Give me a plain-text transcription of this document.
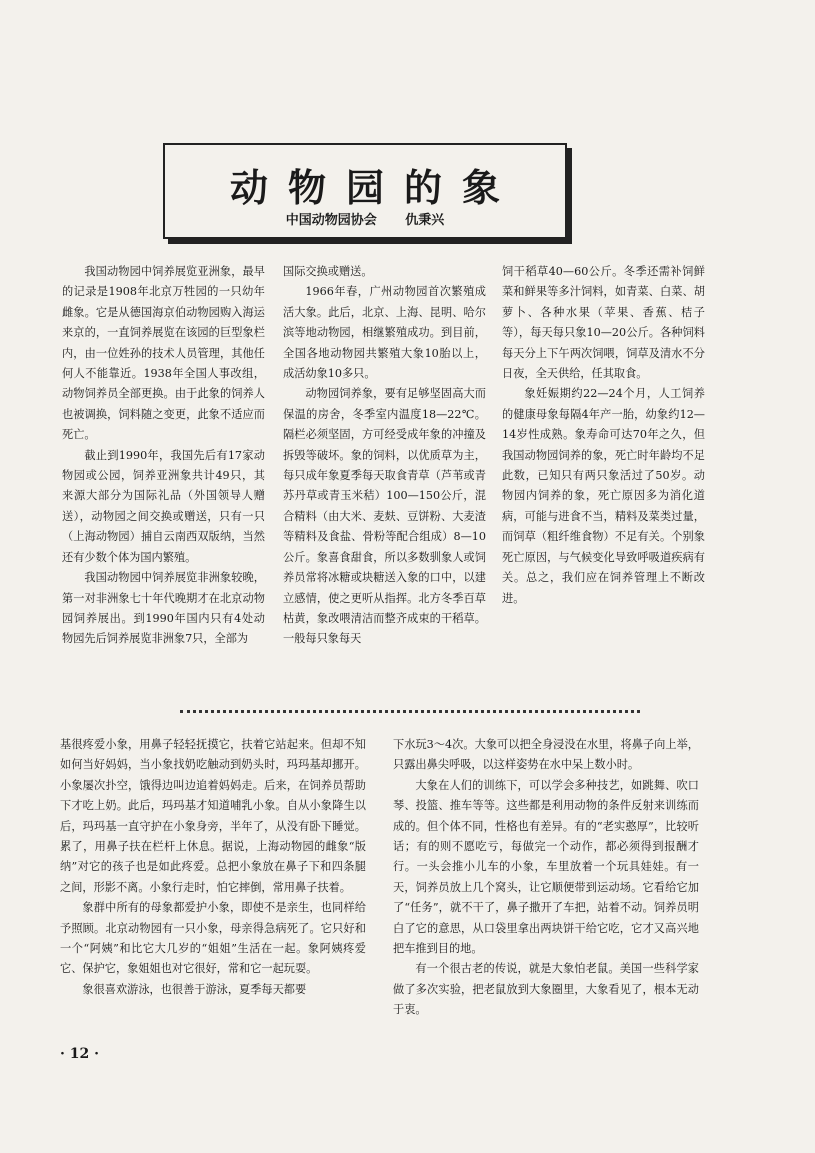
动物园的象
中国动物园协会 仇秉兴

我国动物园中饲养展览亚洲象，最早的记录是1908年北京万牲园的一只幼年雌象。它是从德国海京伯动物园购入海运来京的，一直饲养展览在该园的巨型象栏内，由一位姓孙的技术人员管理，其他任何人不能靠近。1938年全国人事改组，动物饲养员全部更换。由于此象的饲养人也被调换，饲料随之变更，此象不适应而死亡。

截止到1990年，我国先后有17家动物园或公园，饲养亚洲象共计49只，其来源大部分为国际礼品（外国领导人赠送），动物园之间交换或赠送，只有一只（上海动物园）捕自云南西双版纳，当然还有少数个体为国内繁殖。

我国动物园中饲养展览非洲象较晚，第一对非洲象七十年代晚期才在北京动物园饲养展出。到1990年国内只有4处动物园先后饲养展览非洲象7只，全部为

国际交换或赠送。

1966年春，广州动物园首次繁殖成活大象。此后，北京、上海、昆明、哈尔滨等地动物园，相继繁殖成功。到目前，全国各地动物园共繁殖大象10胎以上，成活幼象10多只。

动物园饲养象，要有足够坚固高大而保温的房舍，冬季室内温度18—22℃。隔栏必须坚固，方可经受成年象的冲撞及拆毁等破坏。象的饲料，以优质草为主，每只成年象夏季每天取食青草（芦苇或青苏丹草或青玉米秸）100—150公斤，混合精料（由大米、麦麸、豆饼粉、大麦渣等精料及食盐、骨粉等配合组成）8—10公斤。象喜食甜食，所以多数驯象人或饲养员常将冰糖或块糖送入象的口中，以建立感情，使之更听从指挥。北方冬季百草枯黄，象改喂清洁而整齐成束的干稻草。一般每只象每天

饲干稻草40—60公斤。冬季还需补饲鲜菜和鲜果等多汁饲料，如青菜、白菜、胡萝卜、各种水果（苹果、香蕉、桔子等），每天每只象10—20公斤。各种饲料每天分上下午两次饲喂，饲草及清水不分日夜，全天供给，任其取食。

象妊娠期约22—24个月，人工饲养的健康母象每隔4年产一胎，幼象约12—14岁性成熟。象寿命可达70年之久，但我国动物园饲养的象，死亡时年龄均不足此数，已知只有两只象活过了50岁。动物园内饲养的象，死亡原因多为消化道病，可能与进食不当，精料及菜类过量，而饲草（粗纤维食物）不足有关。个别象死亡原因，与气候变化导致呼吸道疾病有关。总之，我们应在饲养管理上不断改进。

基很疼爱小象，用鼻子轻轻抚摸它，扶着它站起来。但却不知如何当好妈妈，当小象找奶吃触动到奶头时，玛玛基却挪开。小象屡次扑空，饿得边叫边追着妈妈走。后来，在饲养员帮助下才吃上奶。此后，玛玛基才知道哺乳小象。自从小象降生以后，玛玛基一直守护在小象身旁，半年了，从没有卧下睡觉。累了，用鼻子扶在栏杆上休息。据说，上海动物园的雌象“版纳”对它的孩子也是如此疼爱。总把小象放在鼻子下和四条腿之间，形影不离。小象行走时，怕它摔倒，常用鼻子扶着。

象群中所有的母象都爱护小象，即使不是亲生，也同样给予照顾。北京动物园有一只小象，母亲得急病死了。它只好和一个“阿姨”和比它大几岁的“姐姐”生活在一起。象阿姨疼爱它、保护它，象姐姐也对它很好，常和它一起玩耍。

象很喜欢游泳，也很善于游泳，夏季每天都要

下水玩3～4次。大象可以把全身浸没在水里，将鼻子向上举，只露出鼻尖呼吸，以这样姿势在水中呆上数小时。

大象在人们的训练下，可以学会多种技艺，如跳舞、吹口琴、投篮、推车等等。这些都是利用动物的条件反射来训练而成的。但个体不同，性格也有差异。有的“老实憨厚”，比较听话；有的则不愿吃亏，每做完一个动作，都必须得到报酬才行。一头会推小儿车的小象，车里放着一个玩具娃娃。有一天，饲养员放上几个窝头，让它顺便带到运动场。它看给它加了“任务”，就不干了，鼻子撒开了车把，站着不动。饲养员明白了它的意思，从口袋里拿出两块饼干给它吃，它才又高兴地把车推到目的地。

有一个很古老的传说，就是大象怕老鼠。美国一些科学家做了多次实验，把老鼠放到大象圈里，大象看见了，根本无动于衷。

· 12 ·
